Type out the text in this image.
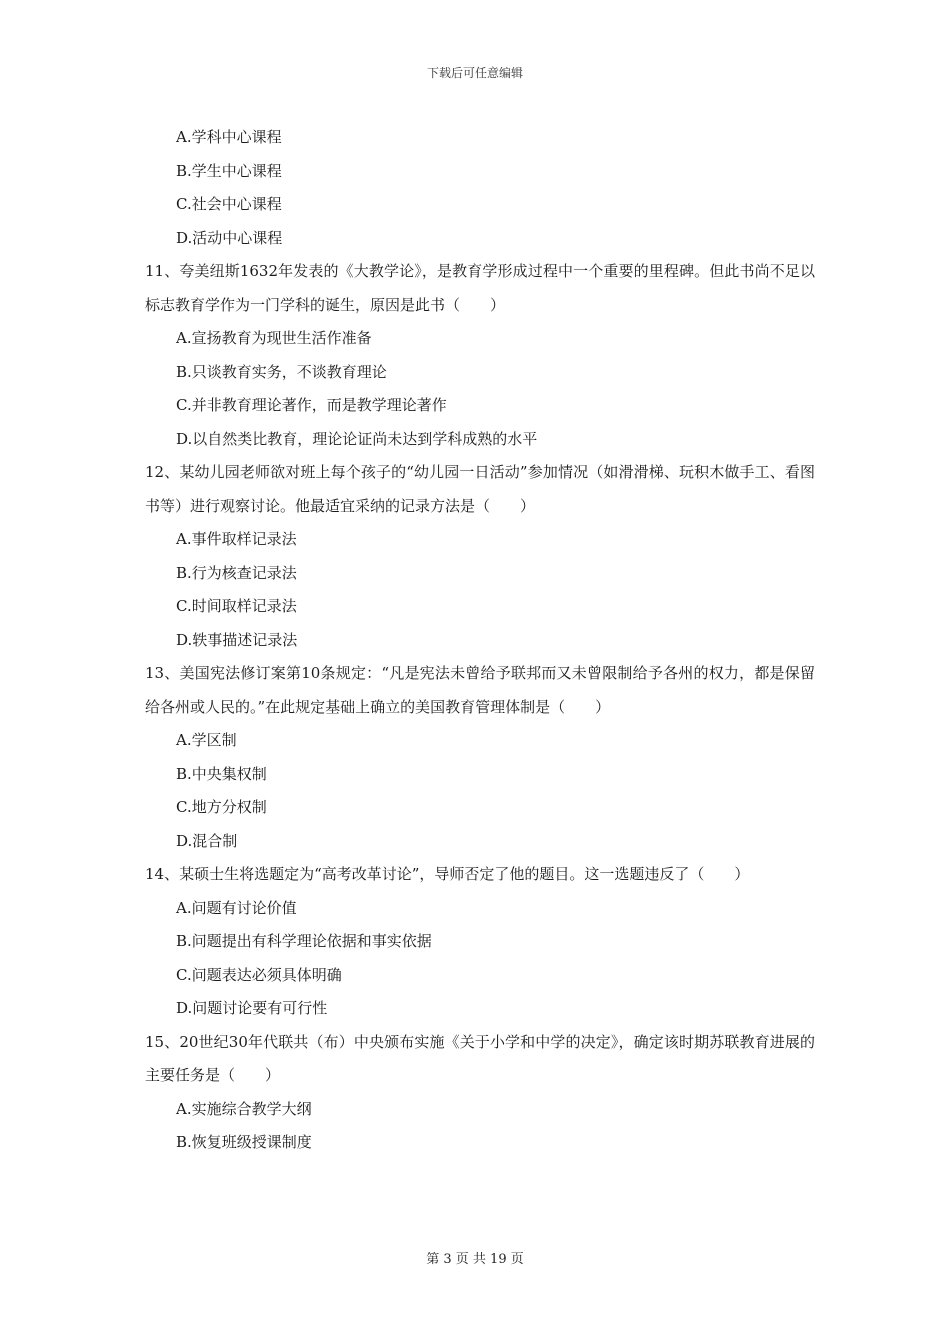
下载后可任意编辑
A.学科中心课程
B.学生中心课程
C.社会中心课程
D.活动中心课程
11、夸美纽斯1632年发表的《大教学论》，是教育学形成过程中一个重要的里程碑。但此书尚不足以标志教育学作为一门学科的诞生，原因是此书（　　）
A.宣扬教育为现世生活作准备
B.只谈教育实务，不谈教育理论
C.并非教育理论著作，而是教学理论著作
D.以自然类比教育，理论论证尚未达到学科成熟的水平
12、某幼儿园老师欲对班上每个孩子的“幼儿园一日活动”参加情况（如滑滑梯、玩积木做手工、看图书等）进行观察讨论。他最适宜采纳的记录方法是（　　）
A.事件取样记录法
B.行为核查记录法
C.时间取样记录法
D.轶事描述记录法
13、美国宪法修订案第10条规定：“凡是宪法未曾给予联邦而又未曾限制给予各州的权力，都是保留给各州或人民的。”在此规定基础上确立的美国教育管理体制是（　　）
A.学区制
B.中央集权制
C.地方分权制
D.混合制
14、某硕士生将选题定为“高考改革讨论”，导师否定了他的题目。这一选题违反了（　　）
A.问题有讨论价值
B.问题提出有科学理论依据和事实依据
C.问题表达必须具体明确
D.问题讨论要有可行性
15、20世纪30年代联共（布）中央颁布实施《关于小学和中学的决定》，确定该时期苏联教育进展的主要任务是（　　）
A.实施综合教学大纲
B.恢复班级授课制度
第 3 页 共 19 页
